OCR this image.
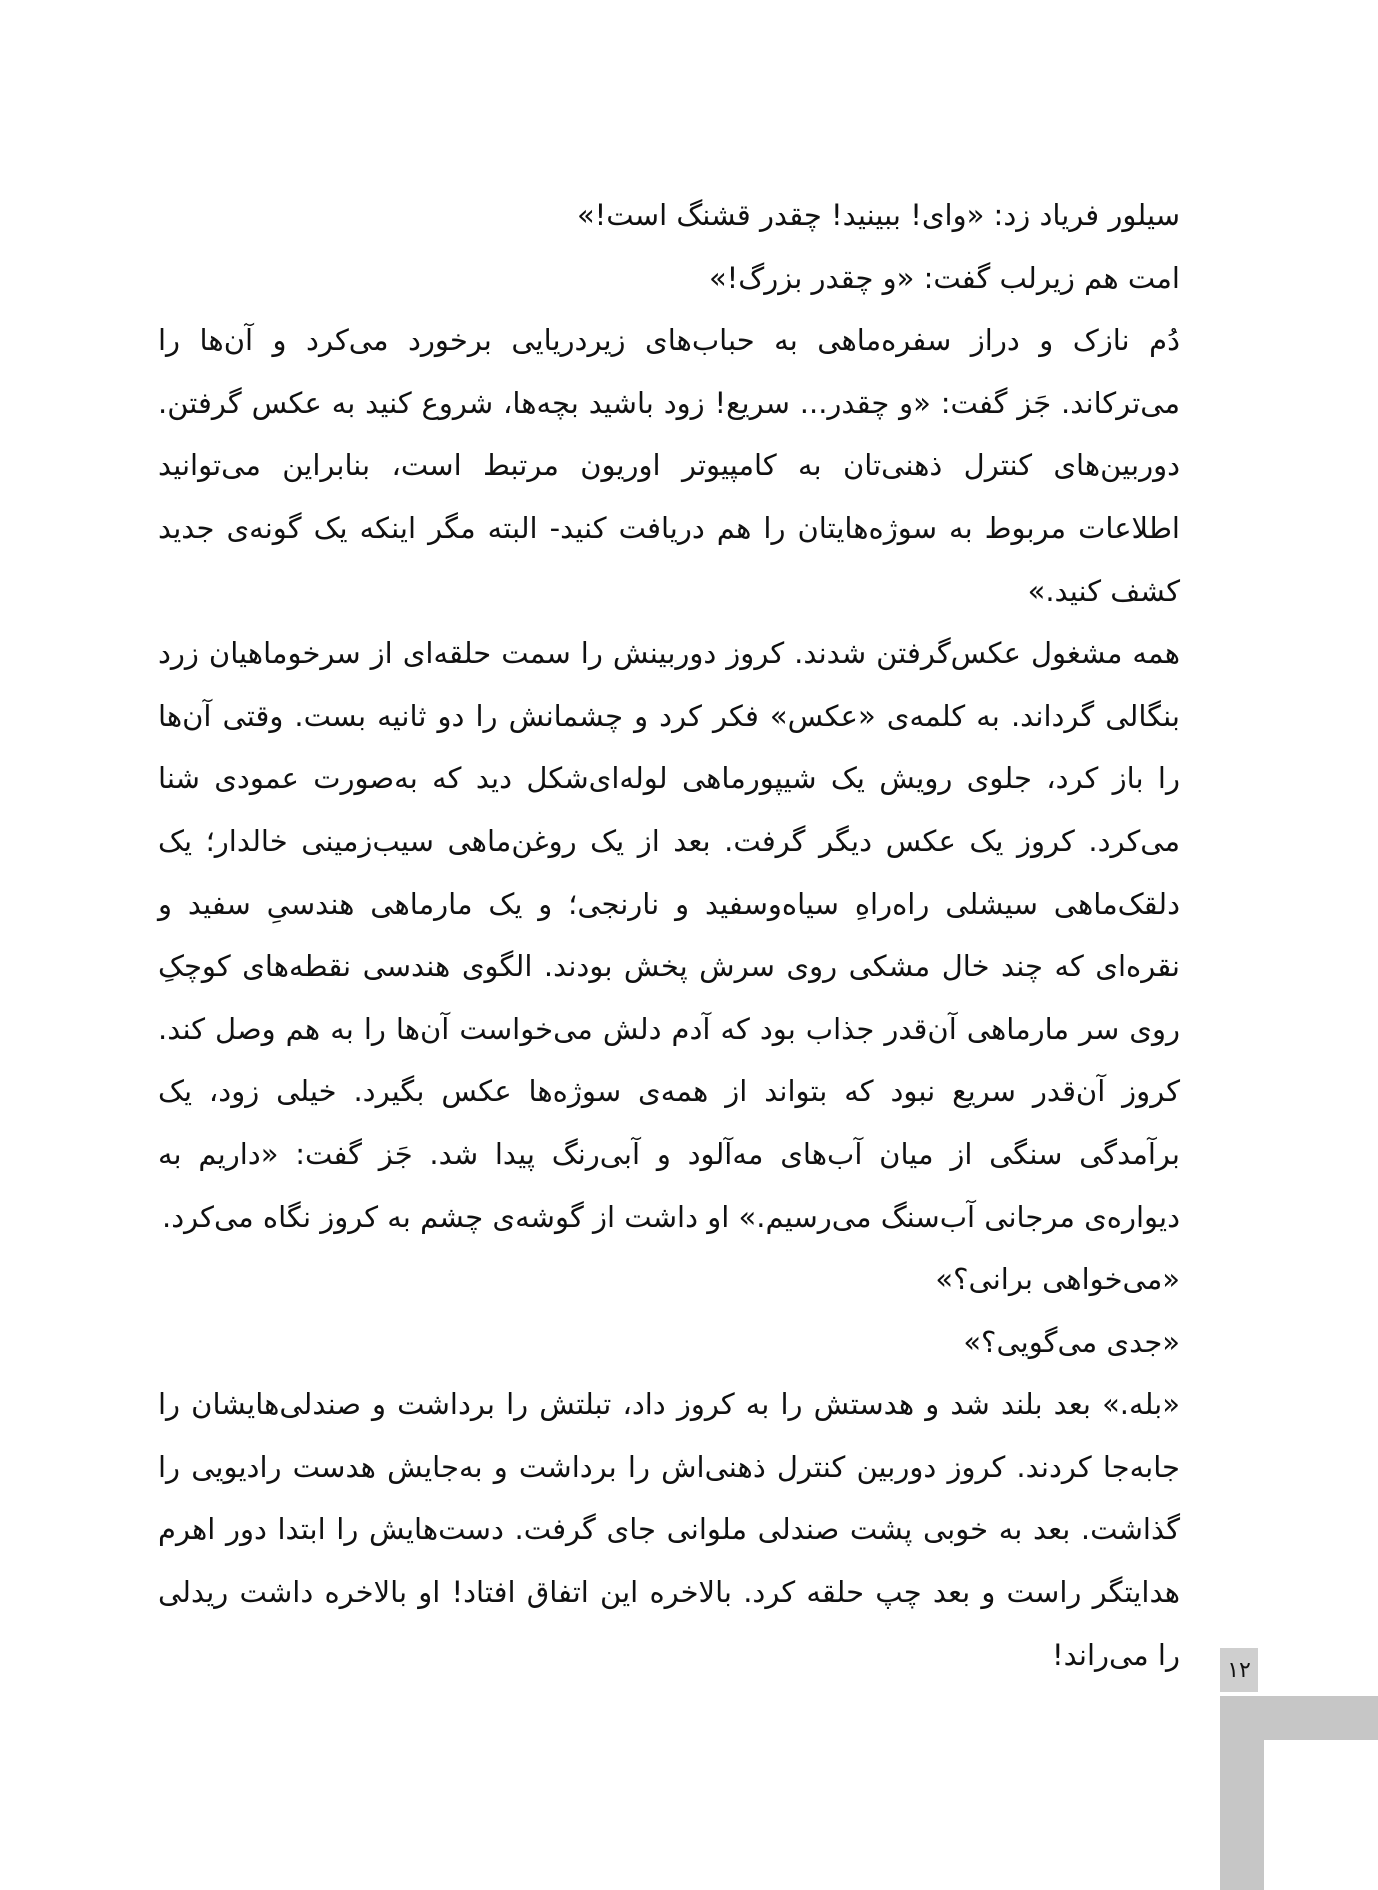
سیلور فریاد زد: «وای! ببینید! چقدر قشنگ است!»

امت هم زیرلب گفت: «و چقدر بزرگ!»

دُم نازک و دراز سفره‌ماهی به حباب‌های زیردریایی برخورد می‌کرد و آن‌ها را می‌ترکاند. جَز گفت: «و چقدر... سریع! زود باشید بچه‌ها، شروع کنید به عکس گرفتن. دوربین‌های کنترل ذهنی‌تان به کامپیوتر اوریون مرتبط است، بنابراین می‌توانید اطلاعات مربوط به سوژه‌هایتان را هم دریافت کنید- البته مگر اینکه یک گونه‌ی جدید کشف کنید.»

همه مشغول عکس‌گرفتن شدند. کروز دوربینش را سمت حلقه‌ای از سرخوماهیان زرد بنگالی گرداند. به کلمه‌ی «عکس» فکر کرد و چشمانش را دو ثانیه بست. وقتی آن‌ها را باز کرد، جلوی رویش یک شیپورماهی لوله‌ای‌شکل دید که به‌صورت عمودی شنا می‌کرد. کروز یک عکس دیگر گرفت. بعد از یک روغن‌ماهی سیب‌زمینی خالدار؛ یک دلقک‌ماهی سیشلی راه‌راهِ سیاه‌وسفید و نارنجی؛ و یک مارماهی هندسیِ سفید و نقره‌ای که چند خال مشکی روی سرش پخش بودند. الگوی هندسی نقطه‌های کوچکِ روی سر مارماهی آن‌قدر جذاب بود که آدم دلش می‌خواست آن‌ها را به هم وصل کند. کروز آن‌قدر سریع نبود که بتواند از همه‌ی سوژه‌ها عکس بگیرد. خیلی زود، یک برآمدگی سنگی از میان آب‌های مه‌آلود و آبی‌رنگ پیدا شد. جَز گفت: «داریم به دیواره‌ی مرجانی آب‌سنگ می‌رسیم.» او داشت از گوشه‌ی چشم به کروز نگاه می‌کرد.

«می‌خواهی برانی؟»

«جدی می‌گویی؟»

«بله.» بعد بلند شد و هدستش را به کروز داد، تبلتش را برداشت و صندلی‌هایشان را جابه‌جا کردند. کروز دوربین کنترل ذهنی‌اش را برداشت و به‌جایش هدست رادیویی را گذاشت. بعد به خوبی پشت صندلی ملوانی جای گرفت. دست‌هایش را ابتدا دور اهرم هدایتگر راست و بعد چپ حلقه کرد. بالاخره این اتفاق افتاد! او بالاخره داشت ریدلی را می‌راند!	۱۲
